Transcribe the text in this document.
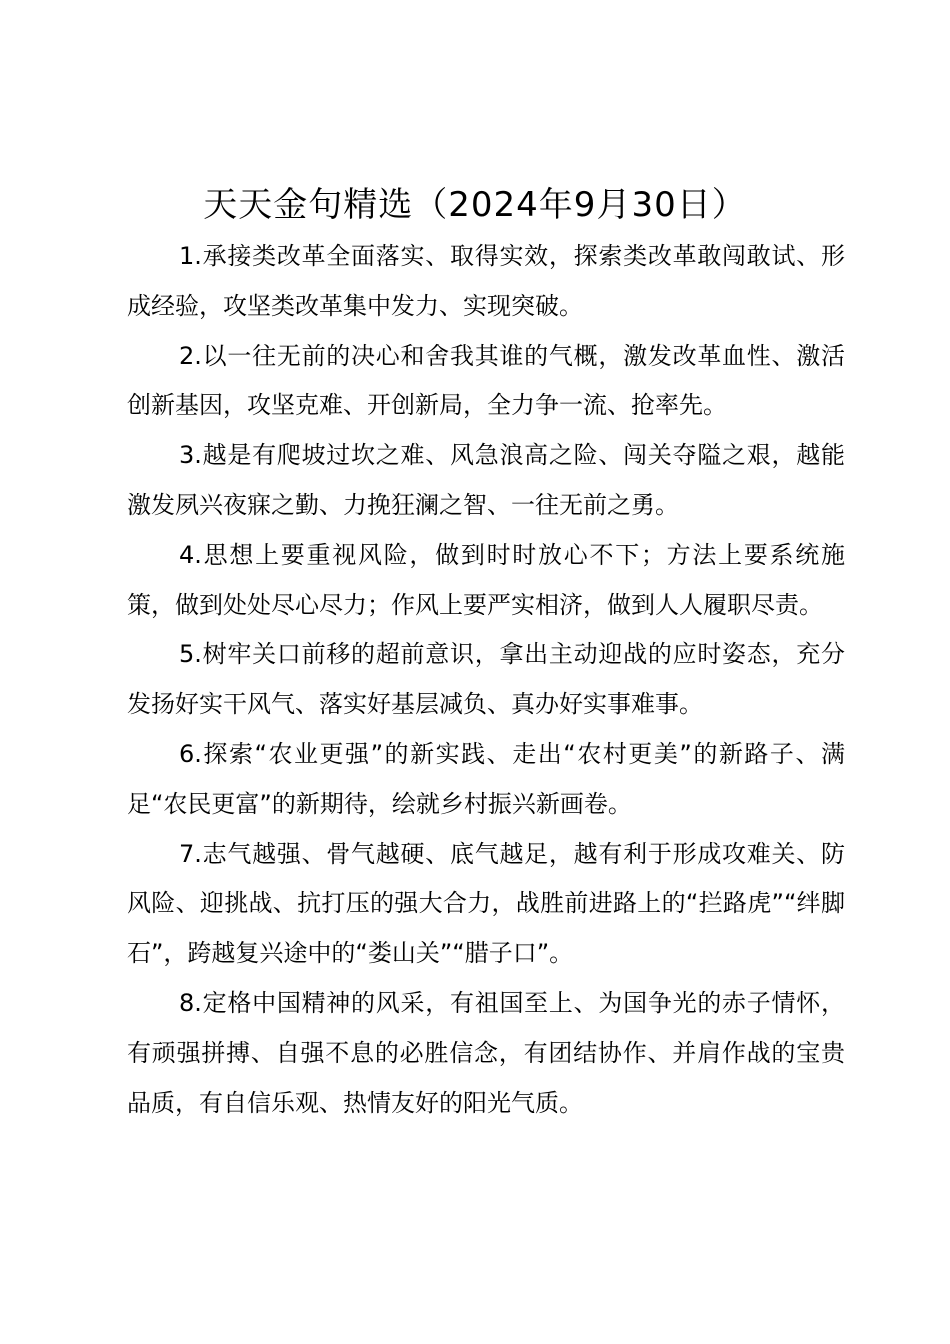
天天金句精选（2024年9月30日）

1.承接类改革全面落实、取得实效，探索类改革敢闯敢试、形成经验，攻坚类改革集中发力、实现突破。

2.以一往无前的决心和舍我其谁的气概，激发改革血性、激活创新基因，攻坚克难、开创新局，全力争一流、抢率先。

3.越是有爬坡过坎之难、风急浪高之险、闯关夺隘之艰，越能激发夙兴夜寐之勤、力挽狂澜之智、一往无前之勇。

4.思想上要重视风险，做到时时放心不下；方法上要系统施策，做到处处尽心尽力；作风上要严实相济，做到人人履职尽责。

5.树牢关口前移的超前意识，拿出主动迎战的应时姿态，充分发扬好实干风气、落实好基层减负、真办好实事难事。

6.探索“农业更强”的新实践、走出“农村更美”的新路子、满足“农民更富”的新期待，绘就乡村振兴新画卷。

7.志气越强、骨气越硬、底气越足，越有利于形成攻难关、防风险、迎挑战、抗打压的强大合力，战胜前进路上的“拦路虎”“绊脚石”，跨越复兴途中的“娄山关”“腊子口”。

8.定格中国精神的风采，有祖国至上、为国争光的赤子情怀，有顽强拼搏、自强不息的必胜信念，有团结协作、并肩作战的宝贵品质，有自信乐观、热情友好的阳光气质。
